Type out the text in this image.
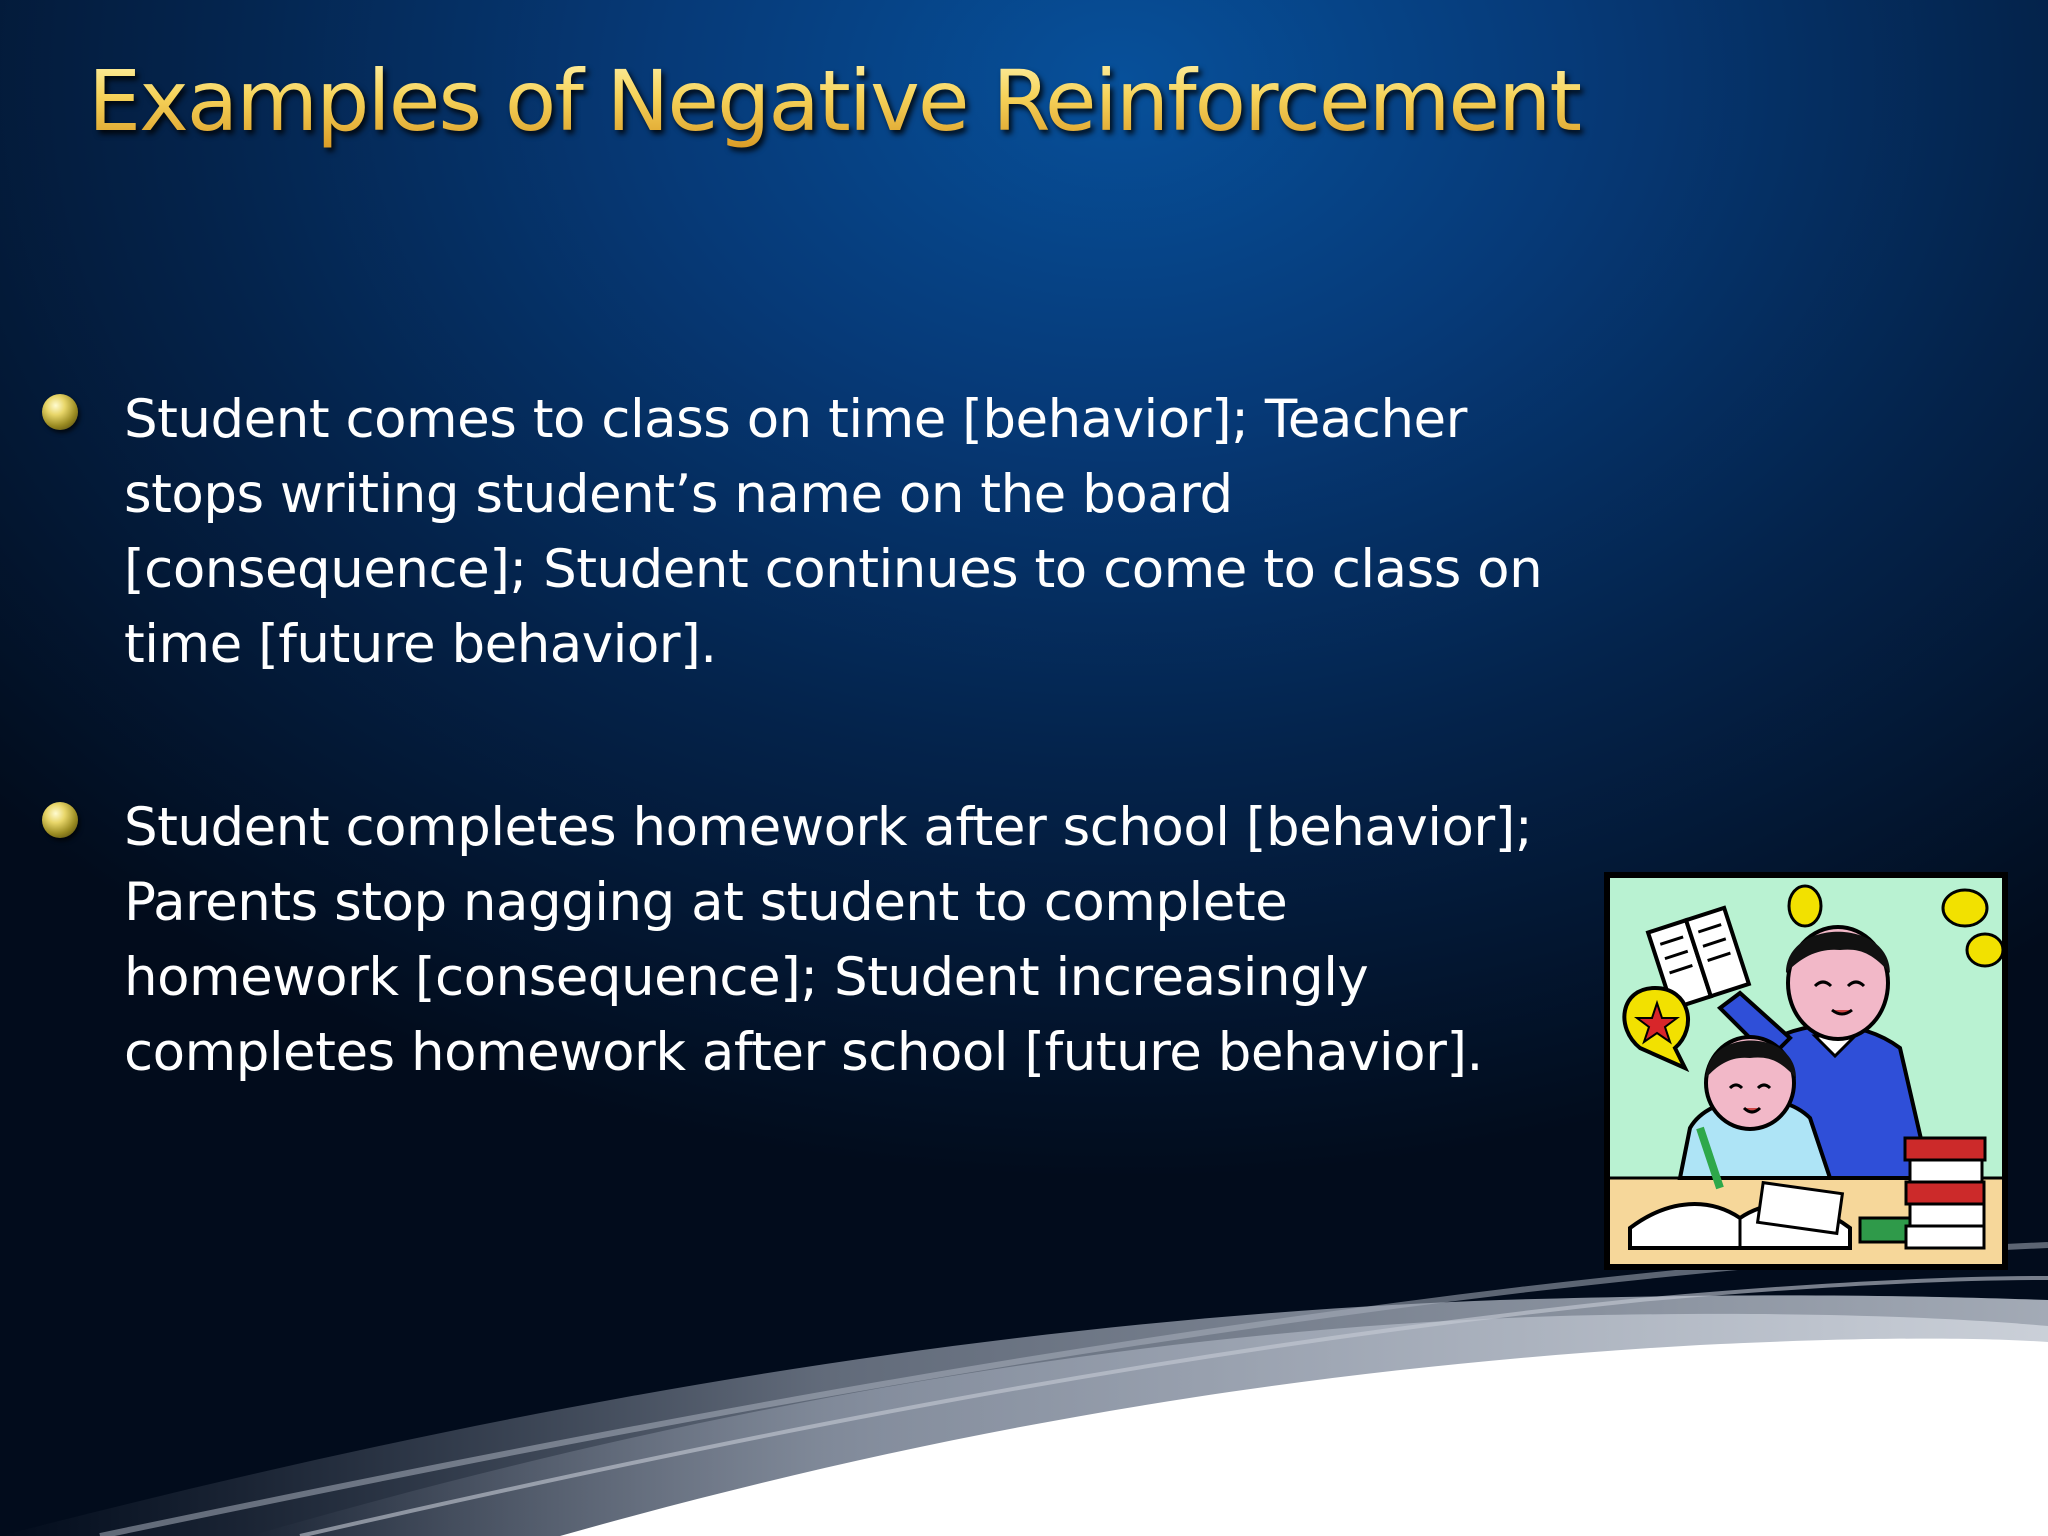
Examples of Negative Reinforcement

Student comes to class on time [behavior]; Teacher
stops writing student’s name on the board
[consequence]; Student continues to come to class on
time [future behavior].

Student completes homework after school [behavior];
Parents stop nagging at student to complete
homework [consequence]; Student increasingly
completes homework after school [future behavior].
